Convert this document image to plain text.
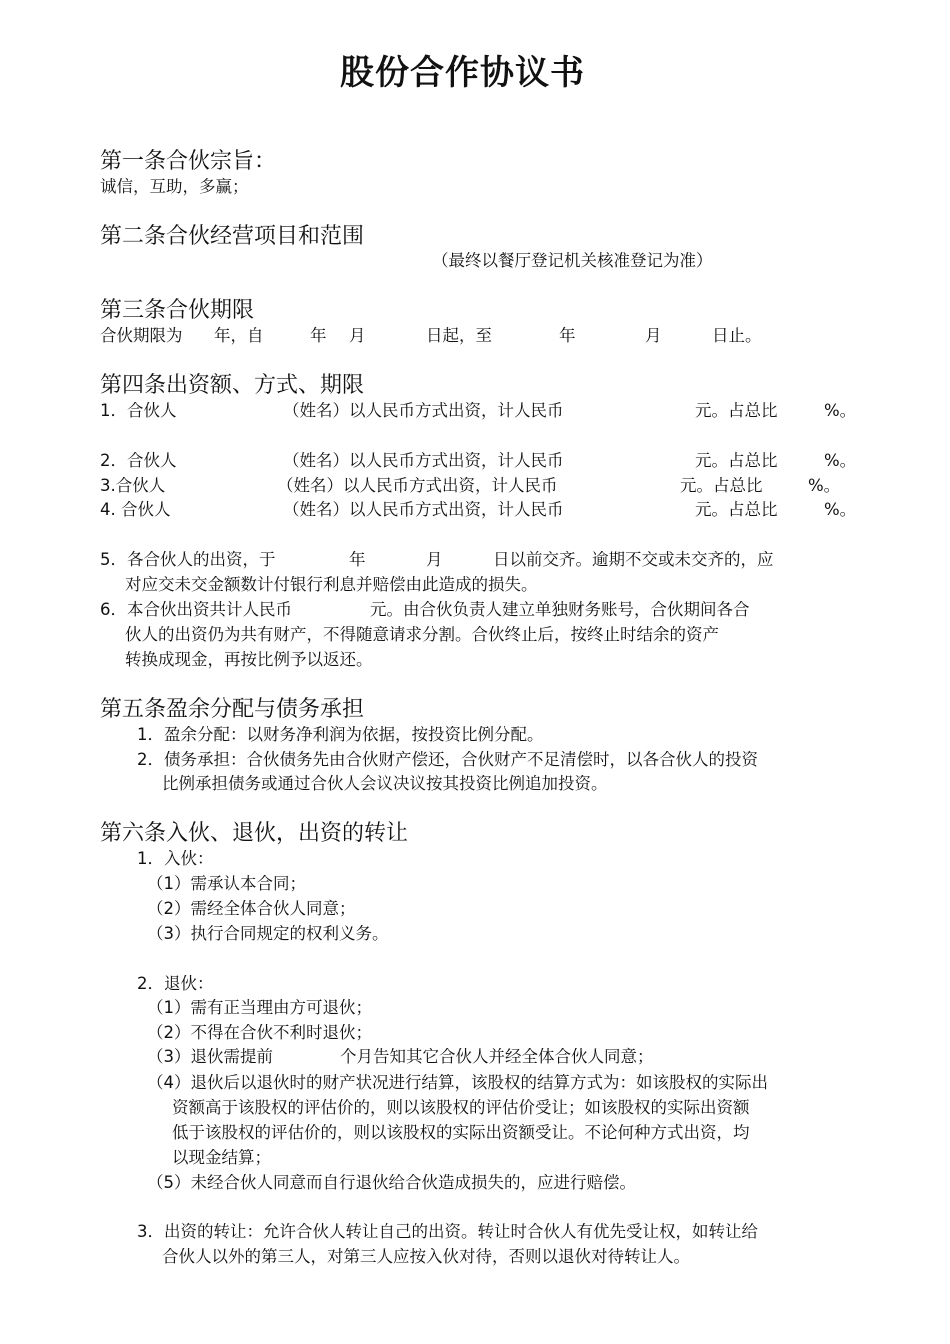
股份合作协议书
第一条合伙宗旨：
诚信，互助，多赢；
第二条合伙经营项目和范围
（最终以餐厅登记机关核准登记为准）
第三条合伙期限
合伙期限为 年，自	年 月	日起，至	年	月	日止。
第四条出资额、方式、期限
1．合伙人	（姓名）以人民币方式出资，计人民币	元。占总比	%。
2．合伙人	（姓名）以人民币方式出资，计人民币	元。占总比	%。
3.合伙人	（姓名）以人民币方式出资，计人民币	元。占总比	%。
4. 合伙人	（姓名）以人民币方式出资，计人民币	元。占总比	%。
5．各合伙人的出资，于	年	月	日以前交齐。逾期不交或未交齐的，应
对应交未交金额数计付银行利息并赔偿由此造成的损失。
6．本合伙出资共计人民币	元。由合伙负责人建立单独财务账号，合伙期间各合
伙人的出资仍为共有财产，不得随意请求分割。合伙终止后，按终止时结余的资产
转换成现金，再按比例予以返还。
第五条盈余分配与债务承担
1．盈余分配：以财务净利润为依据，按投资比例分配。
2．债务承担：合伙债务先由合伙财产偿还，合伙财产不足清偿时，以各合伙人的投资
比例承担债务或通过合伙人会议决议按其投资比例追加投资。
第六条入伙、退伙，出资的转让
1．入伙：
（1）需承认本合同；
（2）需经全体合伙人同意；
（3）执行合同规定的权利义务。
2．退伙：
（1）需有正当理由方可退伙；
（2）不得在合伙不利时退伙；
（3）退伙需提前	个月告知其它合伙人并经全体合伙人同意；
（4）退伙后以退伙时的财产状况进行结算，该股权的结算方式为：如该股权的实际出
资额高于该股权的评估价的，则以该股权的评估价受让；如该股权的实际出资额
低于该股权的评估价的，则以该股权的实际出资额受让。不论何种方式出资，均
以现金结算；
（5）未经合伙人同意而自行退伙给合伙造成损失的，应进行赔偿。
3．出资的转让：允许合伙人转让自己的出资。转让时合伙人有优先受让权，如转让给
合伙人以外的第三人，对第三人应按入伙对待，否则以退伙对待转让人。
